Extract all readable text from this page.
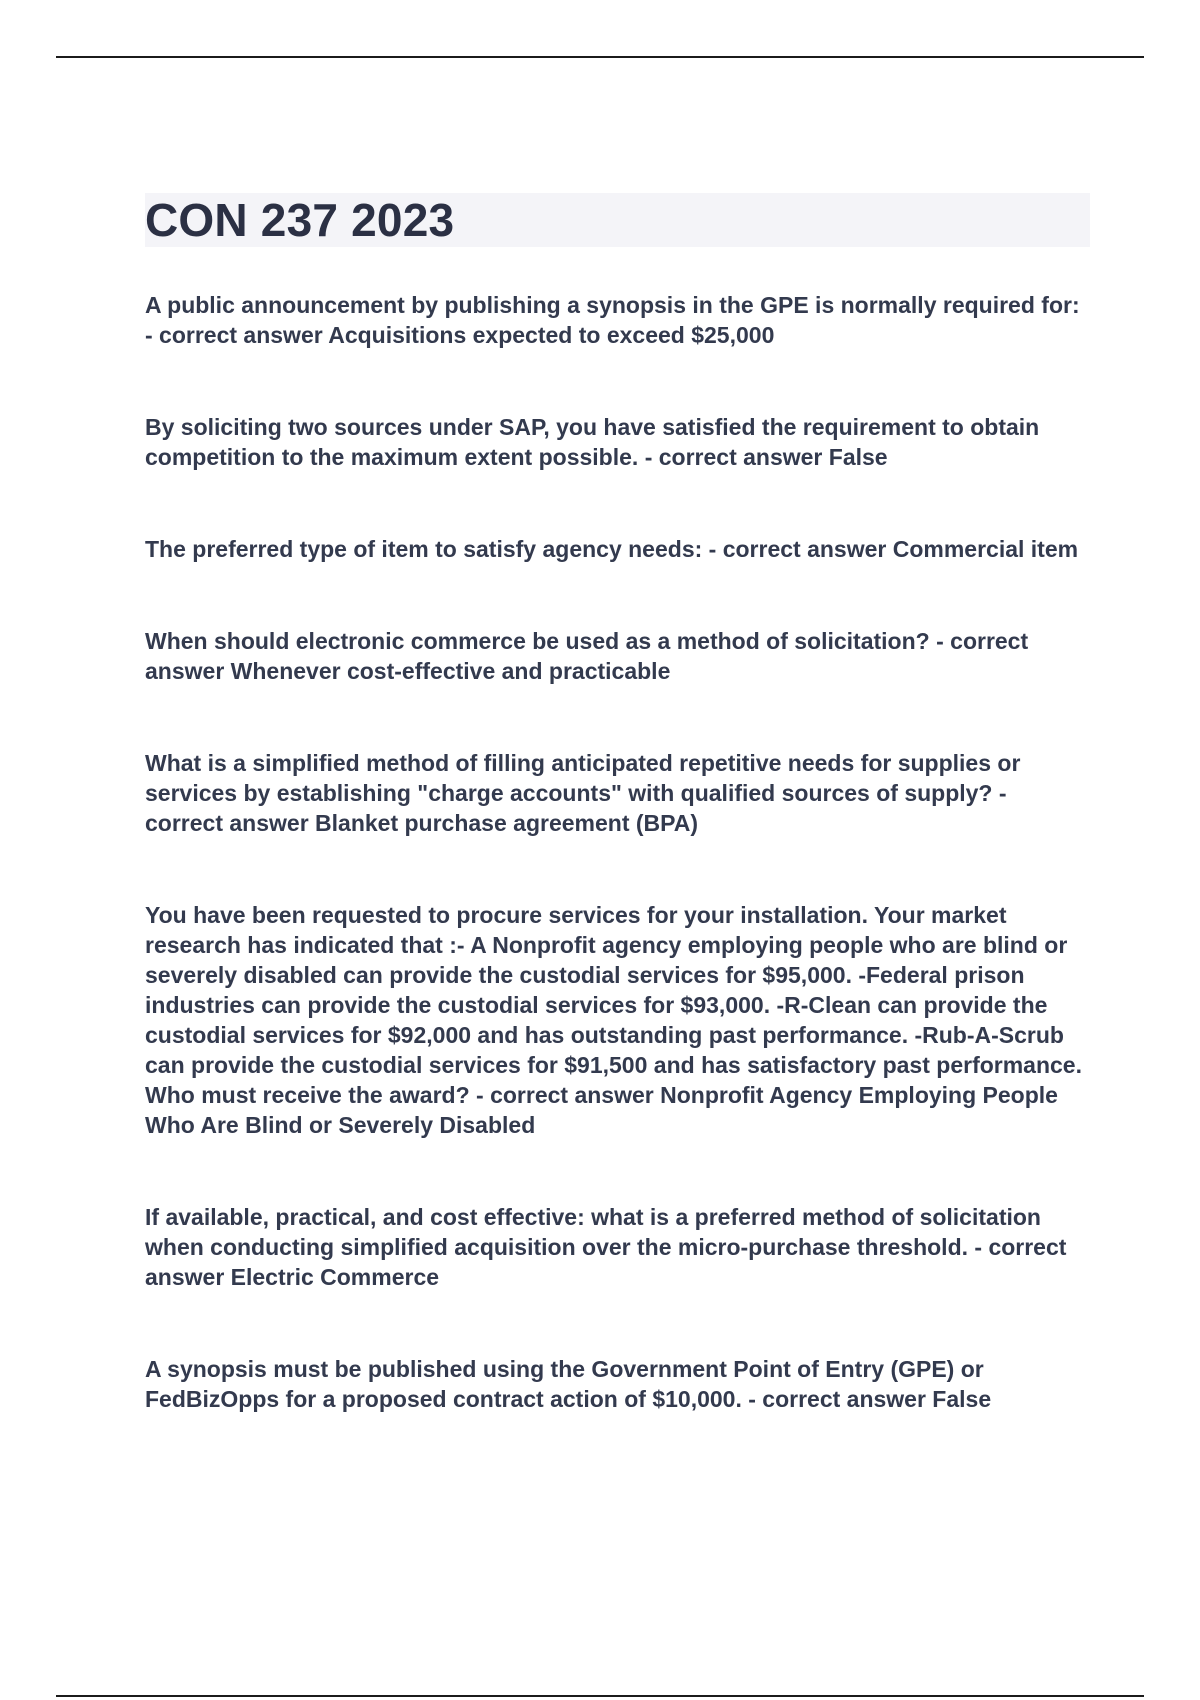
CON 237 2023

A public announcement by publishing a synopsis in the GPE is normally required for: - correct answer Acquisitions expected to exceed $25,000

By soliciting two sources under SAP, you have satisfied the requirement to obtain competition to the maximum extent possible. - correct answer False

The preferred type of item to satisfy agency needs: - correct answer Commercial item

When should electronic commerce be used as a method of solicitation? - correct answer Whenever cost-effective and practicable

What is a simplified method of filling anticipated repetitive needs for supplies or services by establishing "charge accounts" with qualified sources of supply? - correct answer Blanket purchase agreement (BPA)

You have been requested to procure services for your installation. Your market research has indicated that :- A Nonprofit agency employing people who are blind or severely disabled can provide the custodial services for $95,000. -Federal prison industries can provide the custodial services for $93,000. -R-Clean can provide the custodial services for $92,000 and has outstanding past performance. -Rub-A-Scrub can provide the custodial services for $91,500 and has satisfactory past performance. Who must receive the award? - correct answer Nonprofit Agency Employing People Who Are Blind or Severely Disabled

If available, practical, and cost effective: what is a preferred method of solicitation when conducting simplified acquisition over the micro-purchase threshold. - correct answer Electric Commerce

A synopsis must be published using the Government Point of Entry (GPE) or FedBizOpps for a proposed contract action of $10,000. - correct answer False
